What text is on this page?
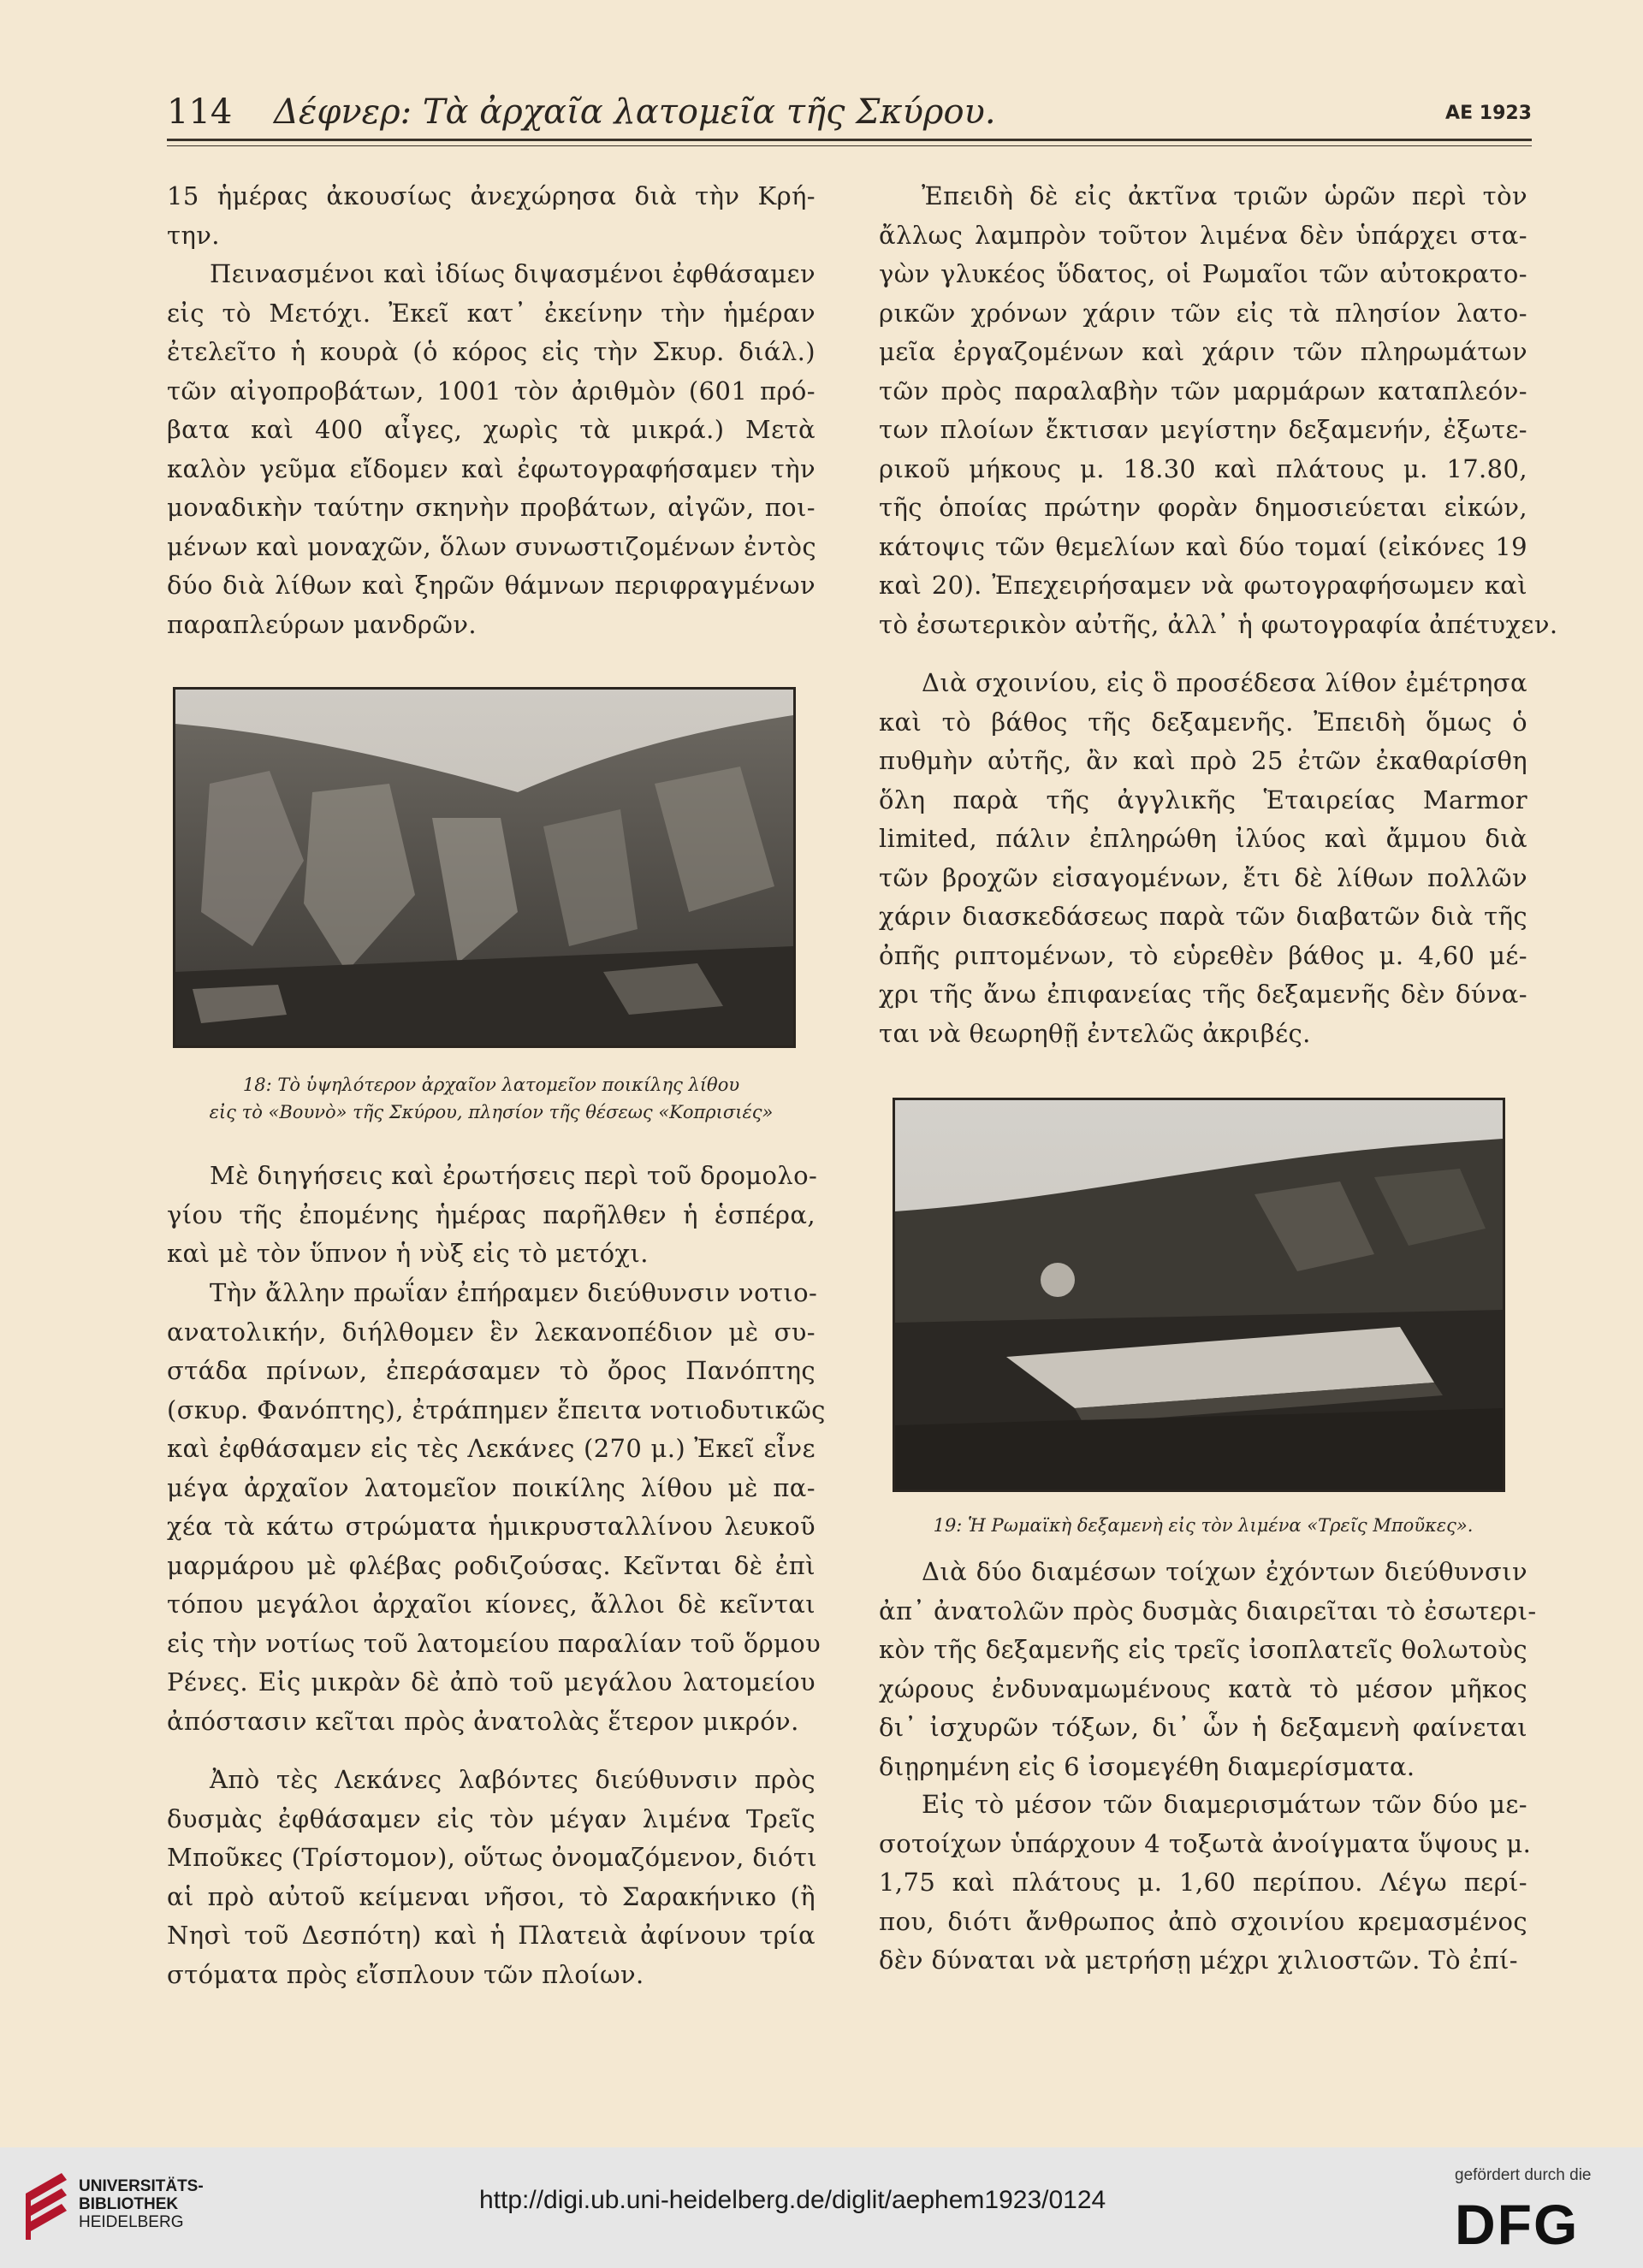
114 Δέφνερ: Τὰ ἀρχαῖα λατομεῖα τῆς Σκύρου.	ΑΕ 1923
15 ἡμέρας ἀκουσίως ἀνεχώρησα διὰ τὴν Κρή-
την.
Πεινασμένοι καὶ ἰδίως διψασμένοι ἐφθάσαμεν
εἰς τὸ Μετόχι. Ἐκεῖ κατ᾽ ἐκείνην τὴν ἡμέραν
ἐτελεῖτο ἡ κουρὰ (ὁ κόρος εἰς τὴν Σκυρ. διάλ.)
τῶν αἰγοπροβάτων, 1001 τὸν ἀριθμὸν (601 πρό-
βατα καὶ 400 αἶγες, χωρὶς τὰ μικρά.) Μετὰ
καλὸν γεῦμα εἴδομεν καὶ ἐφωτογραφήσαμεν τὴν
μοναδικὴν ταύτην σκηνὴν προβάτων, αἰγῶν, ποι-
μένων καὶ μοναχῶν, ὅλων συνωστιζομένων ἐντὸς
δύο διὰ λίθων καὶ ξηρῶν θάμνων περιφραγμένων
παραπλεύρων μανδρῶν.
18: Τὸ ὑψηλότερον ἀρχαῖον λατομεῖον ποικίλης λίθου
εἰς τὸ «Βουνὸ» τῆς Σκύρου, πλησίον τῆς θέσεως «Κοπρισιές»
Μὲ διηγήσεις καὶ ἐρωτήσεις περὶ τοῦ δρομολο-
γίου τῆς ἐπομένης ἡμέρας παρῆλθεν ἡ ἑσπέρα,
καὶ μὲ τὸν ὕπνον ἡ νὺξ εἰς τὸ μετόχι.
Τὴν ἄλλην πρωΐαν ἐπήραμεν διεύθυνσιν νοτιο-
ανατολικήν, διήλθομεν ἓν λεκανοπέδιον μὲ συ-
στάδα πρίνων, ἐπεράσαμεν τὸ ὄρος Πανόπτης
(σκυρ. Φανόπτης), ἐτράπημεν ἔπειτα νοτιοδυτικῶς
καὶ ἐφθάσαμεν εἰς τὲς Λεκάνες (270 μ.) Ἐκεῖ εἶνε
μέγα ἀρχαῖον λατομεῖον ποικίλης λίθου μὲ πα-
χέα τὰ κάτω στρώματα ἡμικρυσταλλίνου λευκοῦ
μαρμάρου μὲ φλέβας ροδιζούσας. Κεῖνται δὲ ἐπὶ
τόπου μεγάλοι ἀρχαῖοι κίονες, ἄλλοι δὲ κεῖνται
εἰς τὴν νοτίως τοῦ λατομείου παραλίαν τοῦ ὅρμου
Ρένες. Εἰς μικρὰν δὲ ἀπὸ τοῦ μεγάλου λατομείου
ἀπόστασιν κεῖται πρὸς ἀνατολὰς ἕτερον μικρόν.
Ἀπὸ τὲς Λεκάνες λαβόντες διεύθυνσιν πρὸς
δυσμὰς ἐφθάσαμεν εἰς τὸν μέγαν λιμένα Τρεῖς
Μποῦκες (Τρίστομον), οὕτως ὀνομαζόμενον, διότι
αἱ πρὸ αὐτοῦ κείμεναι νῆσοι, τὸ Σαρακήνικο (ἢ
Νησὶ τοῦ Δεσπότη) καὶ ἡ Πλατειὰ ἀφίνουν τρία
στόματα πρὸς εἴσπλουν τῶν πλοίων.
Ἐπειδὴ δὲ εἰς ἀκτῖνα τριῶν ὡρῶν περὶ τὸν
ἄλλως λαμπρὸν τοῦτον λιμένα δὲν ὑπάρχει στα-
γὼν γλυκέος ὕδατος, οἱ Ρωμαῖοι τῶν αὐτοκρατο-
ρικῶν χρόνων χάριν τῶν εἰς τὰ πλησίον λατο-
μεῖα ἐργαζομένων καὶ χάριν τῶν πληρωμάτων
τῶν πρὸς παραλαβὴν τῶν μαρμάρων καταπλεόν-
των πλοίων ἔκτισαν μεγίστην δεξαμενήν, ἐξωτε-
ρικοῦ μήκους μ. 18.30 καὶ πλάτους μ. 17.80,
τῆς ὁποίας πρώτην φορὰν δημοσιεύεται εἰκών,
κάτοψις τῶν θεμελίων καὶ δύο τομαί (εἰκόνες 19
καὶ 20). Ἐπεχειρήσαμεν νὰ φωτογραφήσωμεν καὶ
τὸ ἐσωτερικὸν αὐτῆς, ἀλλ᾽ ἡ φωτογραφία ἀπέτυχεν.
Διὰ σχοινίου, εἰς ὃ προσέδεσα λίθον ἐμέτρησα
καὶ τὸ βάθος τῆς δεξαμενῆς. Ἐπειδὴ ὅμως ὁ
πυθμὴν αὐτῆς, ἂν καὶ πρὸ 25 ἐτῶν ἐκαθαρίσθη
ὅλη παρὰ τῆς ἀγγλικῆς Ἑταιρείας Marmor
limited, πάλιν ἐπληρώθη ἰλύος καὶ ἄμμου διὰ
τῶν βροχῶν εἰσαγομένων, ἔτι δὲ λίθων πολλῶν
χάριν διασκεδάσεως παρὰ τῶν διαβατῶν διὰ τῆς
ὀπῆς ριπτομένων, τὸ εὑρεθὲν βάθος μ. 4,60 μέ-
χρι τῆς ἄνω ἐπιφανείας τῆς δεξαμενῆς δὲν δύνα-
ται νὰ θεωρηθῇ ἐντελῶς ἀκριβές.
19: Ἡ Ρωμαϊκὴ δεξαμενὴ εἰς τὸν λιμένα «Τρεῖς Μποῦκες».
Διὰ δύο διαμέσων τοίχων ἐχόντων διεύθυνσιν
ἀπ᾽ ἀνατολῶν πρὸς δυσμὰς διαιρεῖται τὸ ἐσωτερι-
κὸν τῆς δεξαμενῆς εἰς τρεῖς ἰσοπλατεῖς θολωτοὺς
χώρους ἐνδυναμωμένους κατὰ τὸ μέσον μῆκος
δι᾽ ἰσχυρῶν τόξων, δι᾽ ὧν ἡ δεξαμενὴ φαίνεται
διῃρημένη εἰς 6 ἰσομεγέθη διαμερίσματα.
Εἰς τὸ μέσον τῶν διαμερισμάτων τῶν δύο με-
σοτοίχων ὑπάρχουν 4 τοξωτὰ ἀνοίγματα ὕψους μ.
1,75 καὶ πλάτους μ. 1,60 περίπου. Λέγω περί-
που, διότι ἄνθρωπος ἀπὸ σχοινίου κρεμασμένος
δὲν δύναται νὰ μετρήσῃ μέχρι χιλιοστῶν. Τὸ ἐπί-
UNIVERSITÄTS-
BIBLIOTHEK
HEIDELBERG
http://digi.ub.uni-heidelberg.de/diglit/aephem1923/0124
gefördert durch die
DFG
